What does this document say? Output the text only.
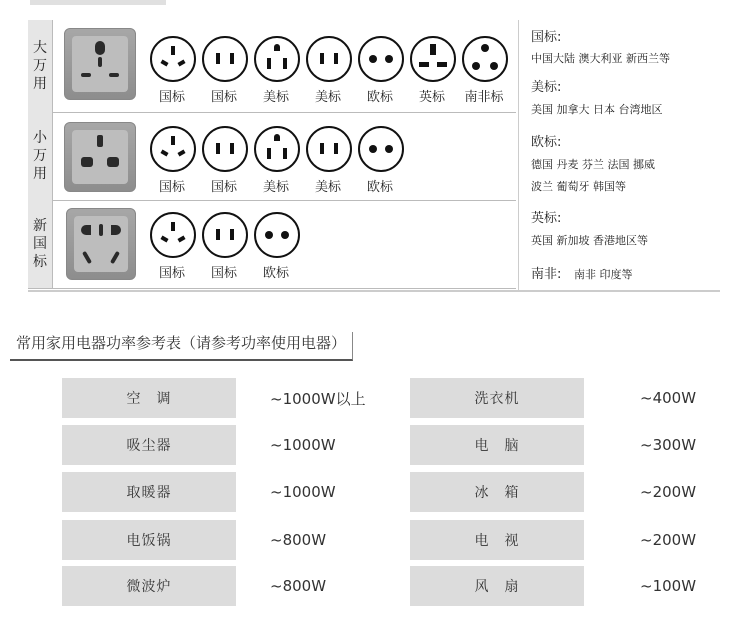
大万用
国标	国标	美标	美标	欧标	英标	南非标
小万用
国标	国标	美标	美标	欧标
新国标
国标	国标	欧标
国标:
中国大陆 澳大利亚 新西兰等
美标:
美国 加拿大 日本 台湾地区
欧标:
德国 丹麦 芬兰 法国 挪威
波兰 葡萄牙 韩国等
英标:
英国 新加坡 香港地区等
南非: 南非 印度等
常用家用电器功率参考表（请参考功率使用电器）
空　调	~1000W以上	洗衣机	~400W
吸尘器	~1000W	电　脑	~300W
取暖器	~1000W	冰　箱	~200W
电饭锅	~800W	电　视	~200W
微波炉	~800W	风　扇	~100W
